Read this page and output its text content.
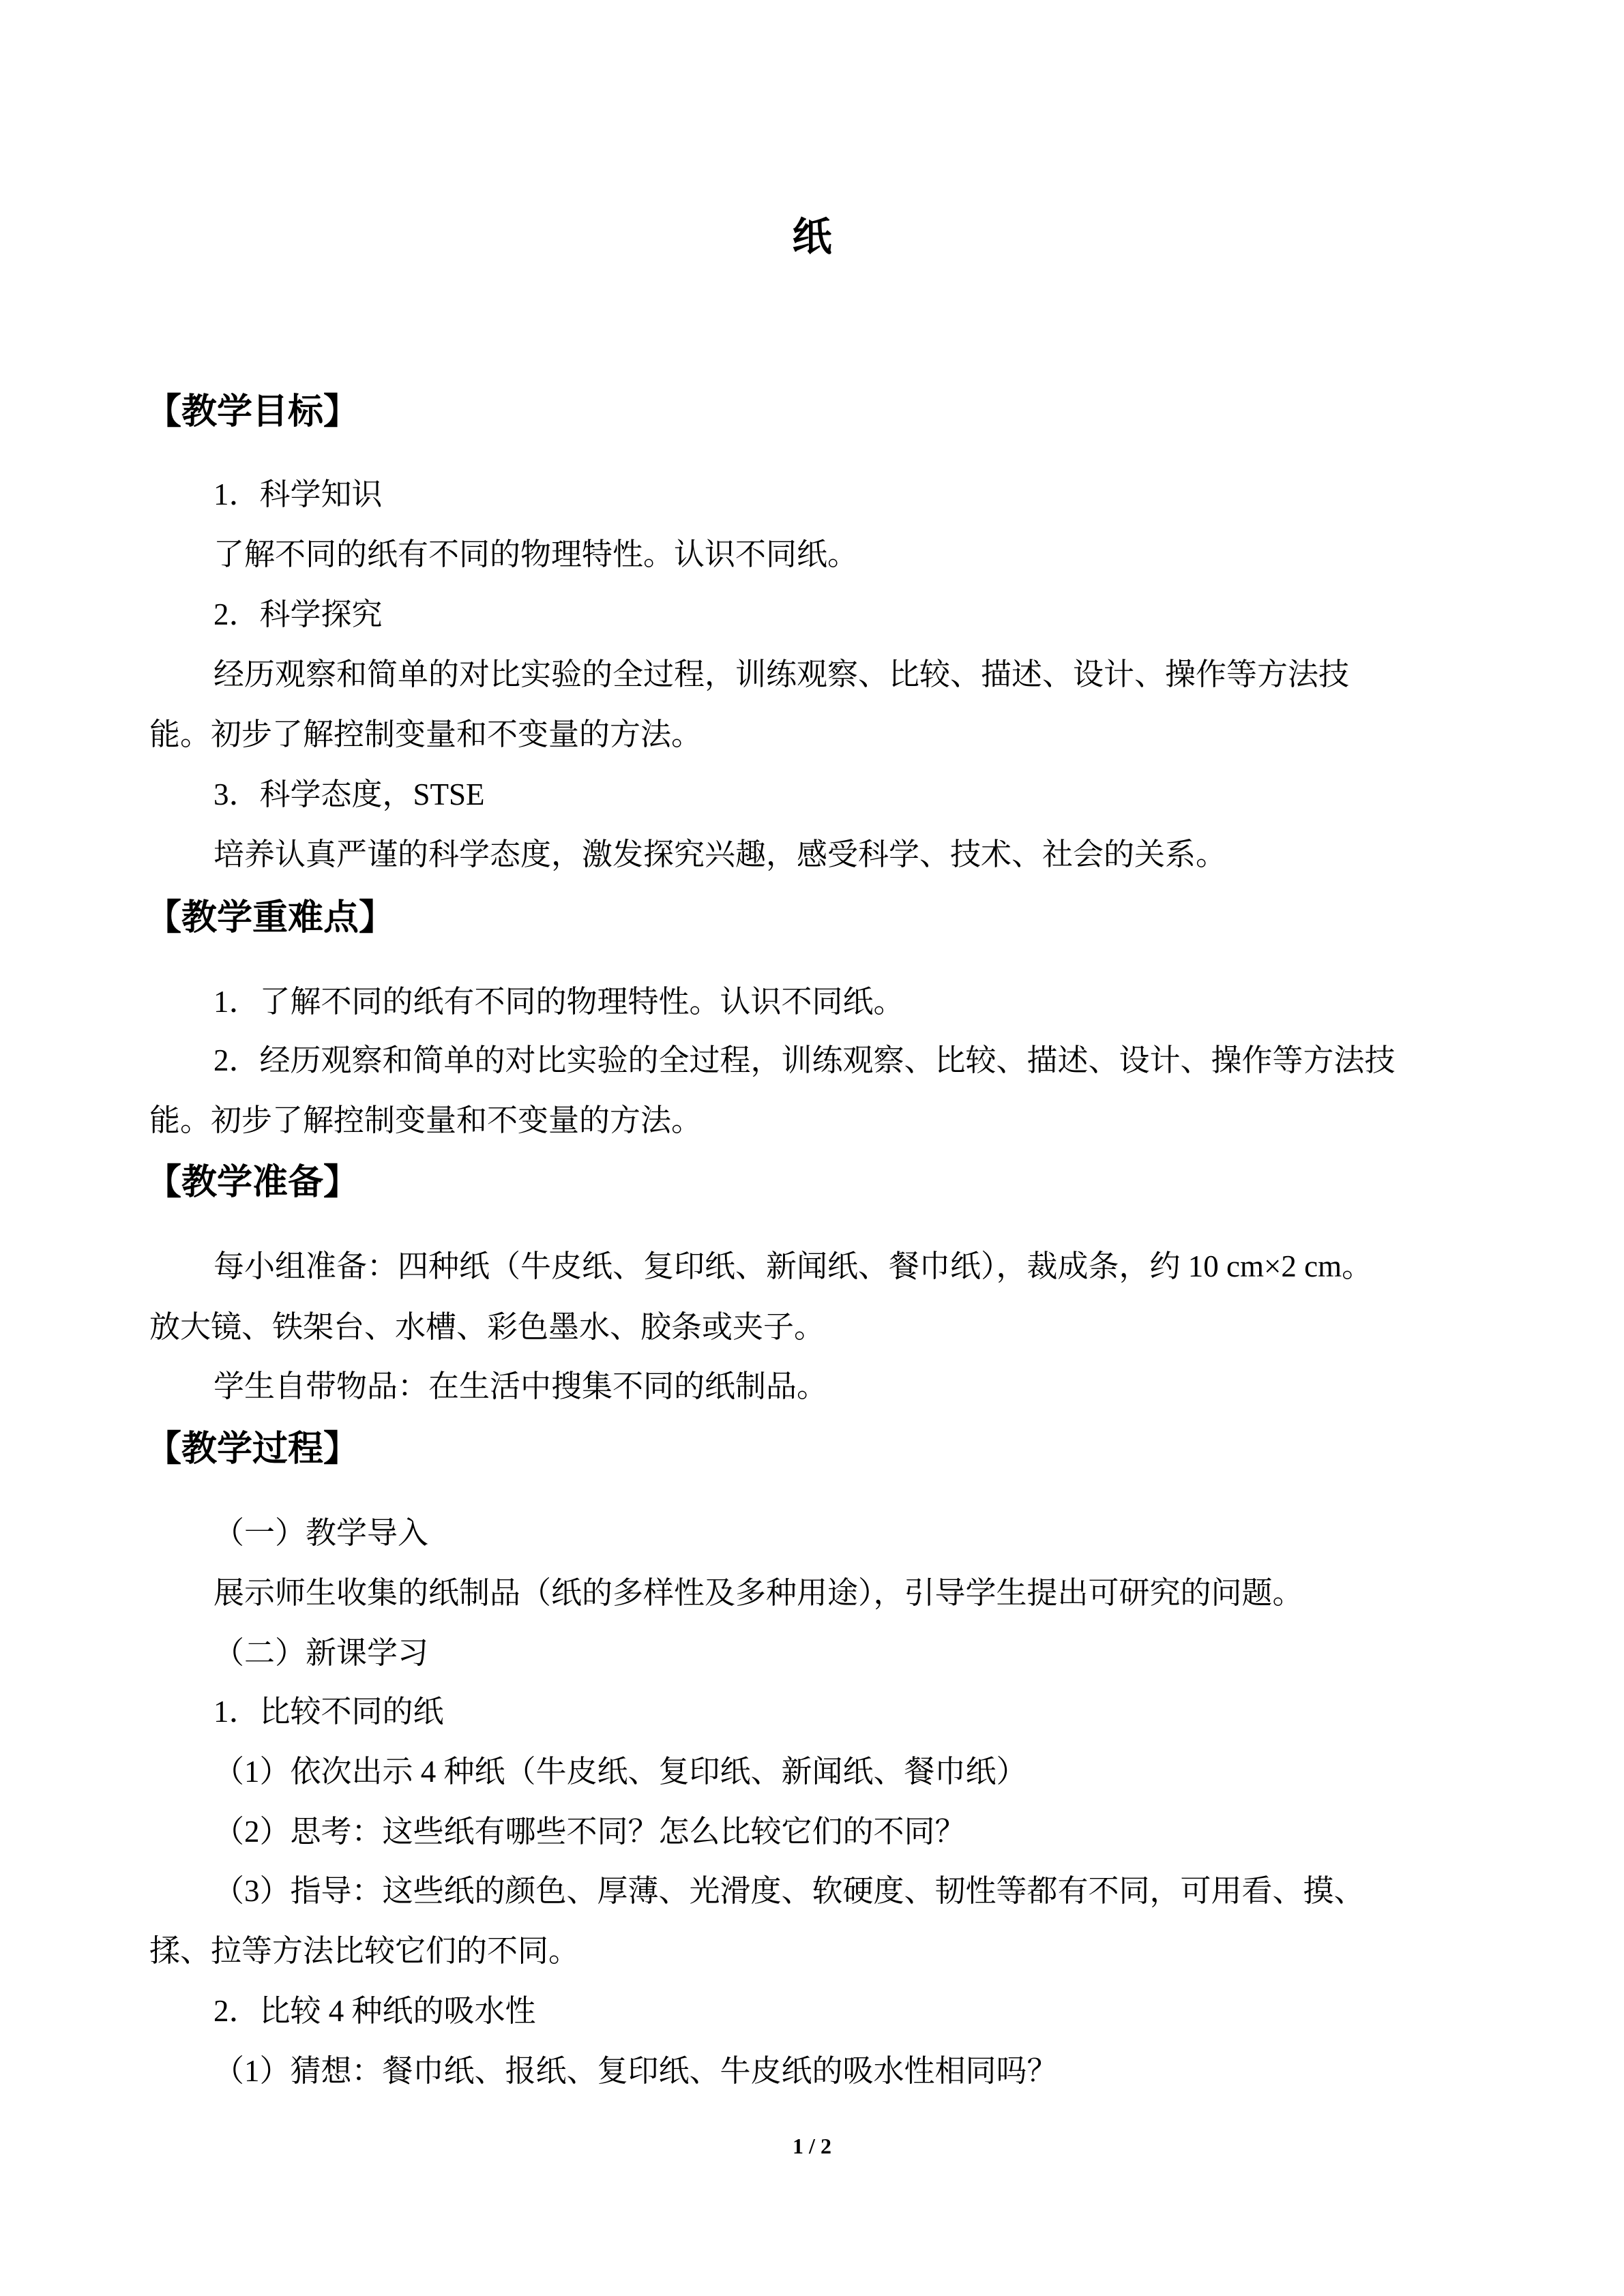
纸
【教学目标】
1．科学知识
了解不同的纸有不同的物理特性。认识不同纸。
2．科学探究
经历观察和简单的对比实验的全过程，训练观察、比较、描述、设计、操作等方法技
能。初步了解控制变量和不变量的方法。
3．科学态度，STSE
培养认真严谨的科学态度，激发探究兴趣，感受科学、技术、社会的关系。
【教学重难点】
1．了解不同的纸有不同的物理特性。认识不同纸。
2．经历观察和简单的对比实验的全过程，训练观察、比较、描述、设计、操作等方法技
能。初步了解控制变量和不变量的方法。
【教学准备】
每小组准备：四种纸（牛皮纸、复印纸、新闻纸、餐巾纸），裁成条，约 10 cm×2 cm。
放大镜、铁架台、水槽、彩色墨水、胶条或夹子。
学生自带物品：在生活中搜集不同的纸制品。
【教学过程】
（一）教学导入
展示师生收集的纸制品（纸的多样性及多种用途），引导学生提出可研究的问题。
（二）新课学习
1．比较不同的纸
（1）依次出示 4 种纸（牛皮纸、复印纸、新闻纸、餐巾纸）
（2）思考：这些纸有哪些不同？怎么比较它们的不同？
（3）指导：这些纸的颜色、厚薄、光滑度、软硬度、韧性等都有不同，可用看、摸、
揉、拉等方法比较它们的不同。
2．比较 4 种纸的吸水性
（1）猜想：餐巾纸、报纸、复印纸、牛皮纸的吸水性相同吗？
1 / 2
